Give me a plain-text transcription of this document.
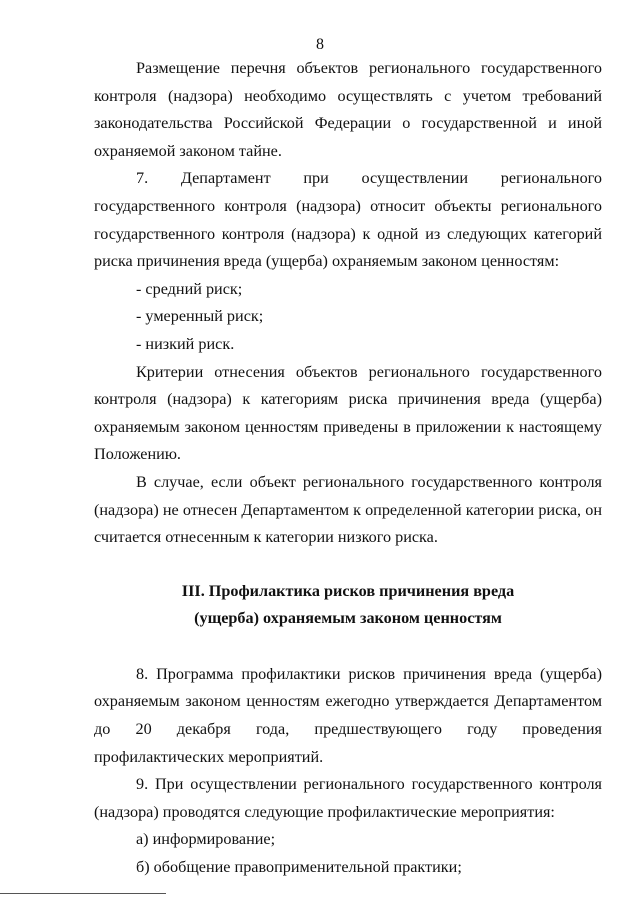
8

Размещение перечня объектов регионального государственного контроля (надзора) необходимо осуществлять с учетом требований законодательства Российской Федерации о государственной и иной охраняемой законом тайне.

7. Департамент при осуществлении регионального государственного контроля (надзора) относит объекты регионального государственного контроля (надзора) к одной из следующих категорий риска причинения вреда (ущерба) охраняемым законом ценностям:

- средний риск;

- умеренный риск;

- низкий риск.

Критерии отнесения объектов регионального государственного контроля (надзора) к категориям риска причинения вреда (ущерба) охраняемым законом ценностям приведены в приложении к настоящему Положению.

В случае, если объект регионального государственного контроля (надзора) не отнесен Департаментом к определенной категории риска, он считается отнесенным к категории низкого риска.

III. Профилактика рисков причинения вреда

(ущерба) охраняемым законом ценностям

8. Программа профилактики рисков причинения вреда (ущерба) охраняемым законом ценностям ежегодно утверждается Департаментом до 20 декабря года, предшествующего году проведения профилактических мероприятий.

9. При осуществлении регионального государственного контроля (надзора) проводятся следующие профилактические мероприятия:

а) информирование;

б) обобщение правоприменительной практики;
